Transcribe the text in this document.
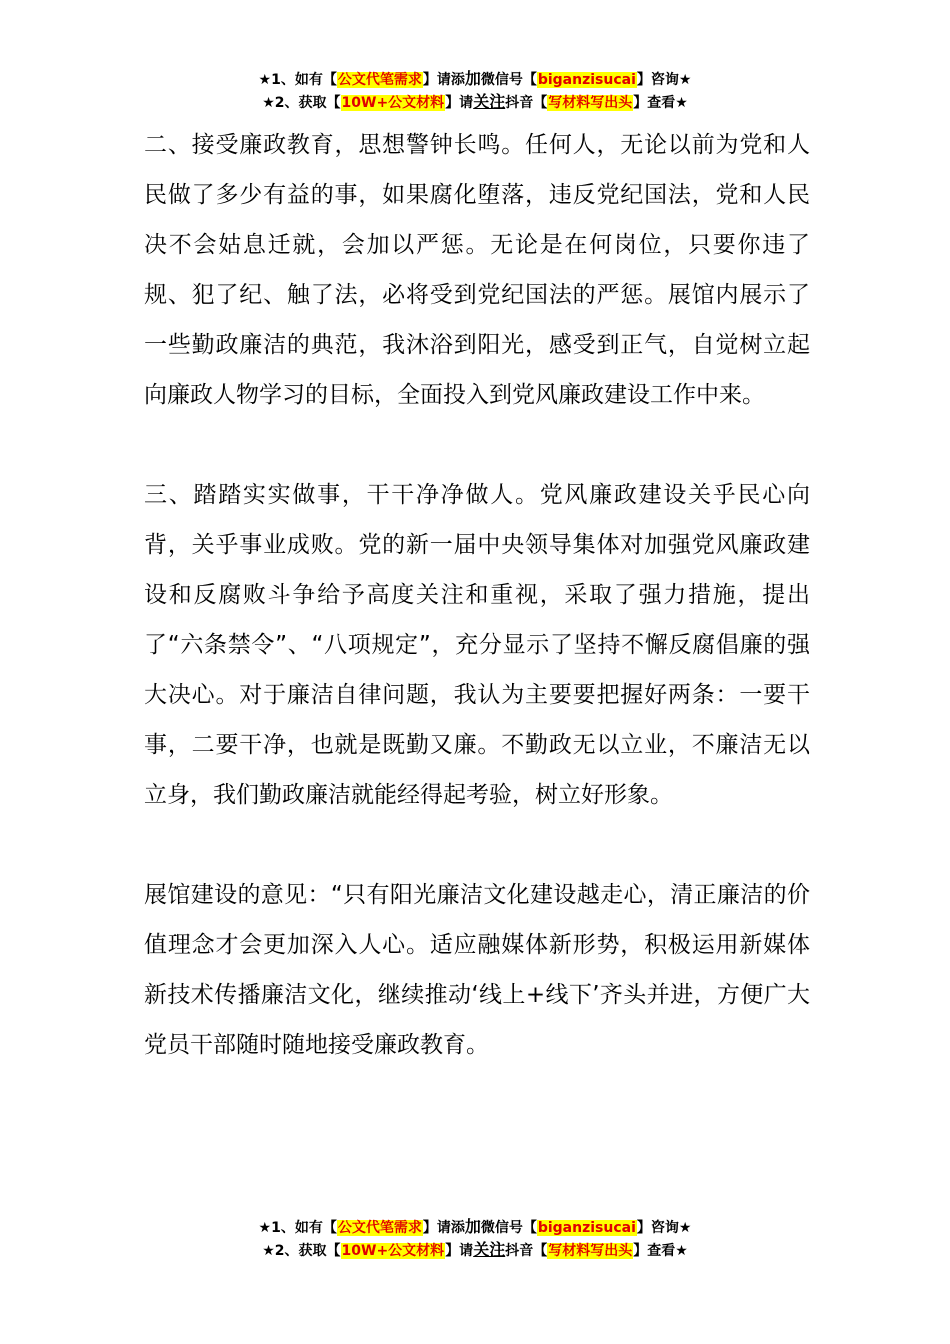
★1、如有【公文代笔需求】请添加微信号【biganzisucai】咨询★
★2、获取【10W+公文材料】请关注抖音【写材料写出头】查看★

二、接受廉政教育，思想警钟长鸣。任何人，无论以前为党和人民做了多少有益的事，如果腐化堕落，违反党纪国法，党和人民决不会姑息迁就，会加以严惩。无论是在何岗位，只要你违了规、犯了纪、触了法，必将受到党纪国法的严惩。展馆内展示了一些勤政廉洁的典范，我沐浴到阳光，感受到正气，自觉树立起向廉政人物学习的目标，全面投入到党风廉政建设工作中来。

三、踏踏实实做事，干干净净做人。党风廉政建设关乎民心向背，关乎事业成败。党的新一届中央领导集体对加强党风廉政建设和反腐败斗争给予高度关注和重视，采取了强力措施，提出了“六条禁令”、“八项规定”，充分显示了坚持不懈反腐倡廉的强大决心。对于廉洁自律问题，我认为主要要把握好两条：一要干事，二要干净，也就是既勤又廉。不勤政无以立业，不廉洁无以立身，我们勤政廉洁就能经得起考验，树立好形象。

展馆建设的意见：“只有阳光廉洁文化建设越走心，清正廉洁的价值理念才会更加深入人心。适应融媒体新形势，积极运用新媒体新技术传播廉洁文化，继续推动‘线上+线下’齐头并进，方便广大党员干部随时随地接受廉政教育。

★1、如有【公文代笔需求】请添加微信号【biganzisucai】咨询★
★2、获取【10W+公文材料】请关注抖音【写材料写出头】查看★
